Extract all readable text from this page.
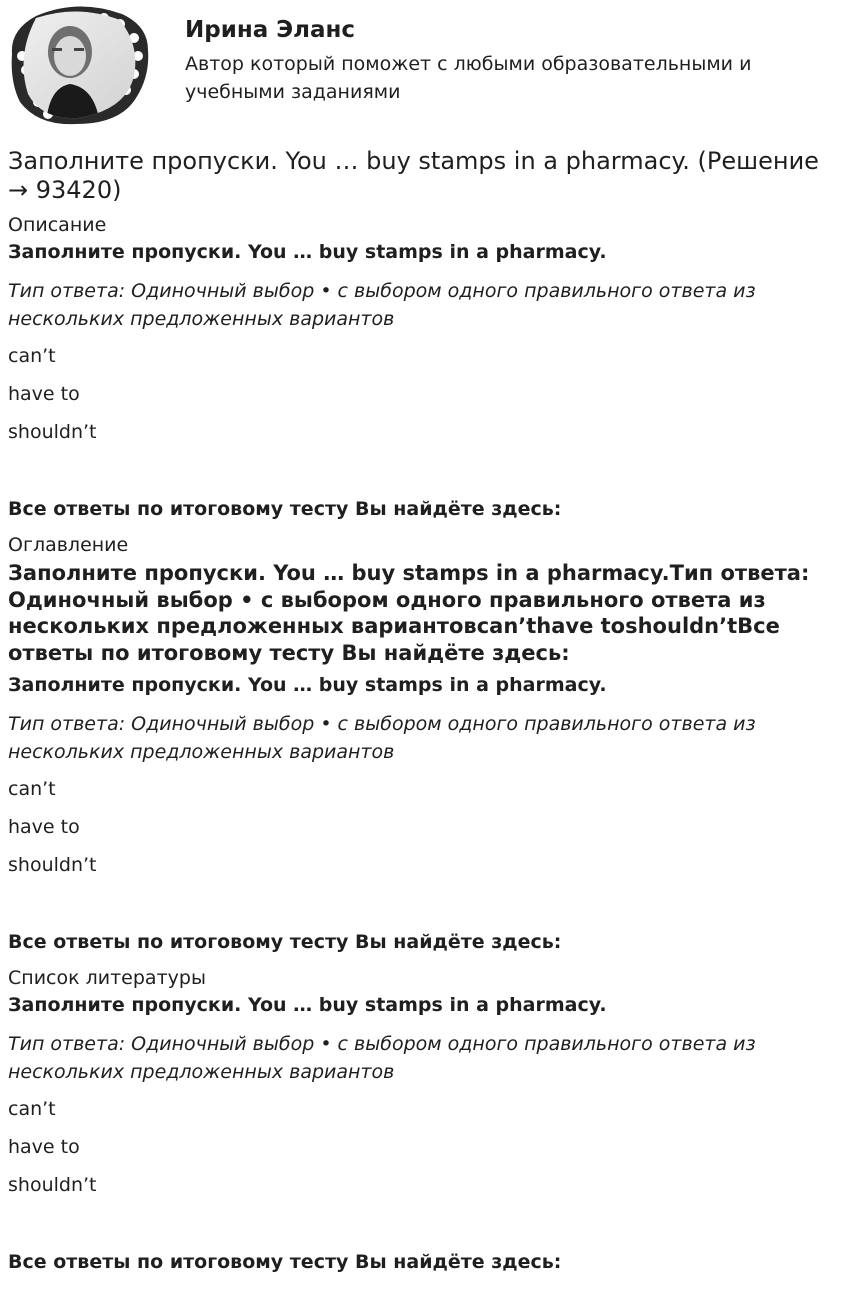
Ирина Эланс

Автор который поможет с любыми образовательными и учебными заданиями

Заполните пропуски. You … buy stamps in a pharmacy. (Решение → 93420)
Описание
Заполните пропуски. You … buy stamps in a pharmacy.
Тип ответа: Одиночный выбор • с выбором одного правильного ответа из нескольких предложенных вариантов
can’t
have to
shouldn’t
Все ответы по итоговому тесту Вы найдёте здесь:
Оглавление
Заполните пропуски. You … buy stamps in a pharmacy.Тип ответа: Одиночный выбор • с выбором одного правильного ответа из нескольких предложенных вариантовcan’thave toshouldn’tВсе ответы по итоговому тесту Вы найдёте здесь:
Заполните пропуски. You … buy stamps in a pharmacy.
Тип ответа: Одиночный выбор • с выбором одного правильного ответа из нескольких предложенных вариантов
can’t
have to
shouldn’t
Все ответы по итоговому тесту Вы найдёте здесь:
Список литературы
Заполните пропуски. You … buy stamps in a pharmacy.
Тип ответа: Одиночный выбор • с выбором одного правильного ответа из нескольких предложенных вариантов
can’t
have to
shouldn’t
Все ответы по итоговому тесту Вы найдёте здесь:
